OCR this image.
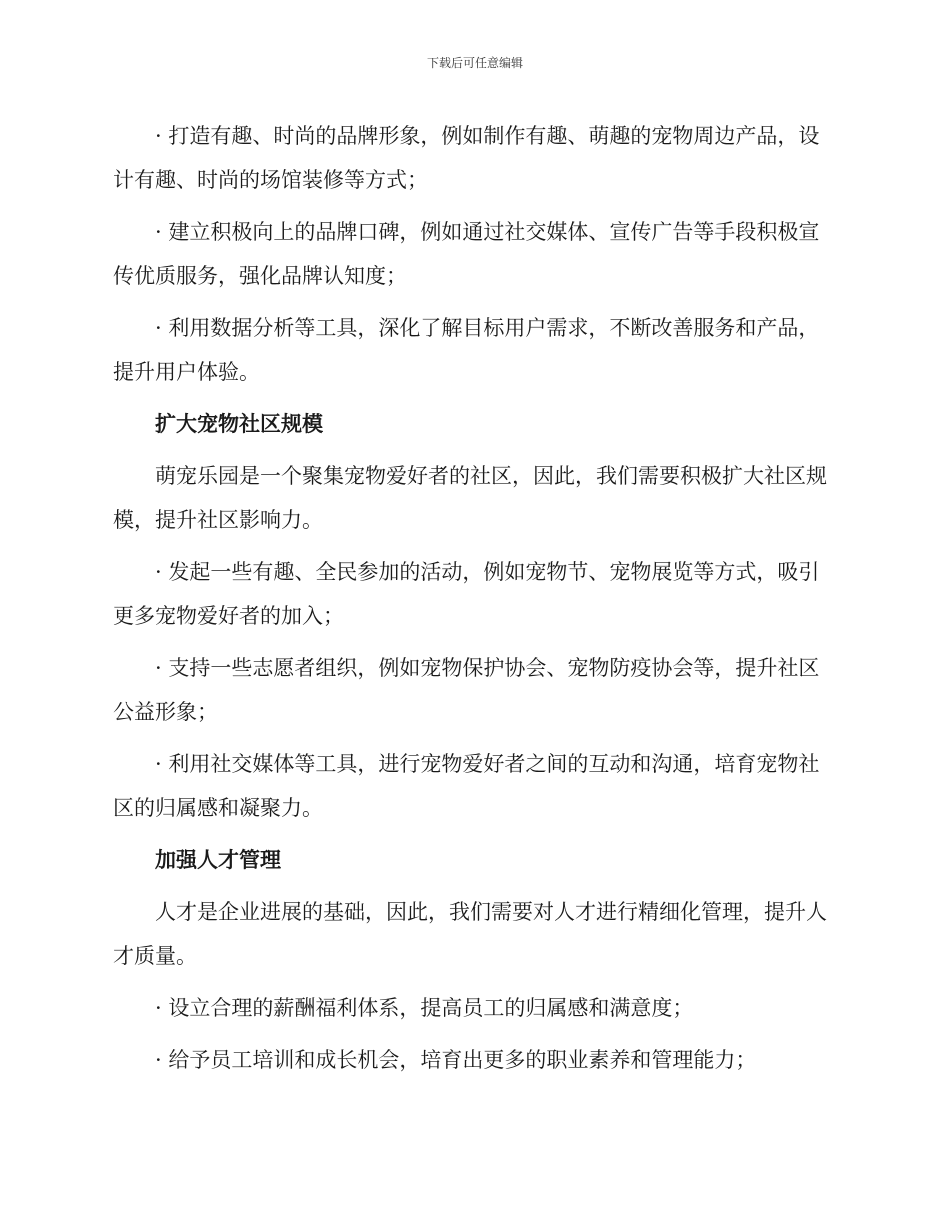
下载后可任意编辑

· 打造有趣、时尚的品牌形象，例如制作有趣、萌趣的宠物周边产品，设计有趣、时尚的场馆装修等方式；

· 建立积极向上的品牌口碑，例如通过社交媒体、宣传广告等手段积极宣传优质服务，强化品牌认知度；

· 利用数据分析等工具，深化了解目标用户需求，不断改善服务和产品，提升用户体验。

扩大宠物社区规模

萌宠乐园是一个聚集宠物爱好者的社区，因此，我们需要积极扩大社区规模，提升社区影响力。

· 发起一些有趣、全民参加的活动，例如宠物节、宠物展览等方式，吸引更多宠物爱好者的加入；

· 支持一些志愿者组织，例如宠物保护协会、宠物防疫协会等，提升社区公益形象；

· 利用社交媒体等工具，进行宠物爱好者之间的互动和沟通，培育宠物社区的归属感和凝聚力。

加强人才管理

人才是企业进展的基础，因此，我们需要对人才进行精细化管理，提升人才质量。

· 设立合理的薪酬福利体系，提高员工的归属感和满意度；

· 给予员工培训和成长机会，培育出更多的职业素养和管理能力；
